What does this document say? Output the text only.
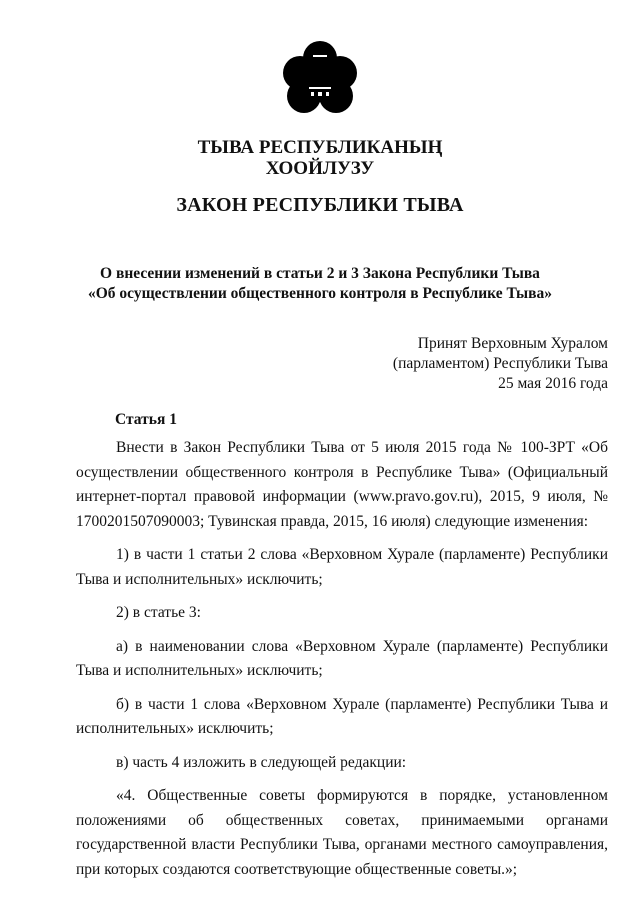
ТЫВА РЕСПУБЛИКАНЫҢ
ХООЙЛУЗУ
ЗАКОН РЕСПУБЛИКИ ТЫВА
О внесении изменений в статьи 2 и 3 Закона Республики Тыва
«Об осуществлении общественного контроля в Республике Тыва»
Принят Верховным Хуралом
(парламентом) Республики Тыва
25 мая 2016 года
Статья 1

Внести в Закон Республики Тыва от 5 июля 2015 года № 100-ЗРТ «Об осуществлении общественного контроля в Республике Тыва» (Официальный интернет-портал правовой информации (www.pravo.gov.ru), 2015, 9 июля, № 1700201507090003; Тувинская правда, 2015, 16 июля) следующие изменения:

1) в части 1 статьи 2 слова «Верховном Хурале (парламенте) Республики Тыва и исполнительных» исключить;

2) в статье 3:

а) в наименовании слова «Верховном Хурале (парламенте) Республики Тыва и исполнительных» исключить;

б) в части 1 слова «Верховном Хурале (парламенте) Республики Тыва и исполнительных» исключить;

в) часть 4 изложить в следующей редакции:

«4. Общественные советы формируются в порядке, установленном положениями об общественных советах, принимаемыми органами государственной власти Республики Тыва, органами местного самоуправления, при которых создаются соответствующие общественные советы.»;
